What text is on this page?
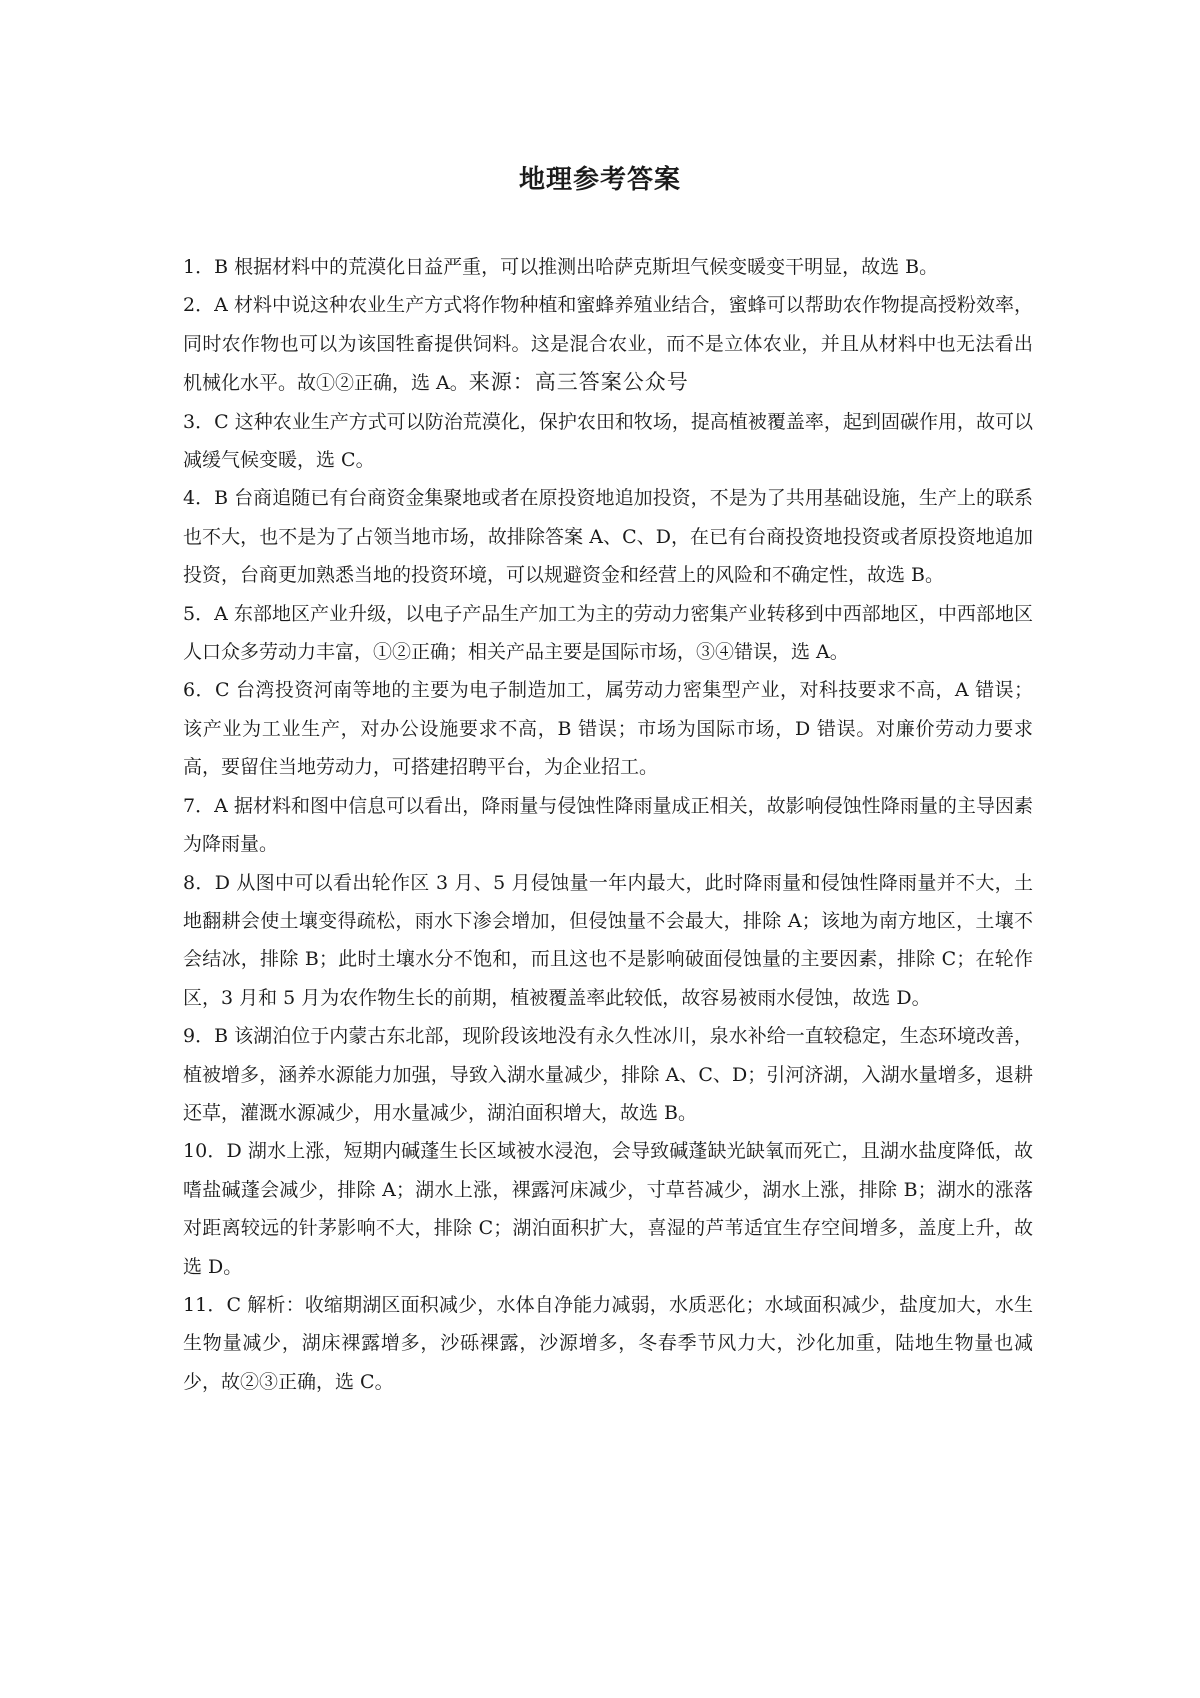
地理参考答案

1．B 根据材料中的荒漠化日益严重，可以推测出哈萨克斯坦气候变暖变干明显，故选 B。

2．A 材料中说这种农业生产方式将作物种植和蜜蜂养殖业结合，蜜蜂可以帮助农作物提高授粉效率，同时农作物也可以为该国牲畜提供饲料。这是混合农业，而不是立体农业，并且从材料中也无法看出机械化水平。故①②正确，选 A。来源：高三答案公众号

3．C 这种农业生产方式可以防治荒漠化，保护农田和牧场，提高植被覆盖率，起到固碳作用，故可以减缓气候变暖，选 C。

4．B 台商追随已有台商资金集聚地或者在原投资地追加投资，不是为了共用基础设施，生产上的联系也不大，也不是为了占领当地市场，故排除答案 A、C、D，在已有台商投资地投资或者原投资地追加投资，台商更加熟悉当地的投资环境，可以规避资金和经营上的风险和不确定性，故选 B。

5．A 东部地区产业升级，以电子产品生产加工为主的劳动力密集产业转移到中西部地区，中西部地区人口众多劳动力丰富，①②正确；相关产品主要是国际市场，③④错误，选 A。

6．C 台湾投资河南等地的主要为电子制造加工，属劳动力密集型产业，对科技要求不高，A 错误；该产业为工业生产，对办公设施要求不高，B 错误；市场为国际市场，D 错误。对廉价劳动力要求高，要留住当地劳动力，可搭建招聘平台，为企业招工。

7．A 据材料和图中信息可以看出，降雨量与侵蚀性降雨量成正相关，故影响侵蚀性降雨量的主导因素为降雨量。

8．D 从图中可以看出轮作区 3 月、5 月侵蚀量一年内最大，此时降雨量和侵蚀性降雨量并不大，土地翻耕会使土壤变得疏松，雨水下渗会增加，但侵蚀量不会最大，排除 A；该地为南方地区，土壤不会结冰，排除 B；此时土壤水分不饱和，而且这也不是影响破面侵蚀量的主要因素，排除 C；在轮作区，3 月和 5 月为农作物生长的前期，植被覆盖率此较低，故容易被雨水侵蚀，故选 D。

9．B 该湖泊位于内蒙古东北部，现阶段该地没有永久性冰川，泉水补给一直较稳定，生态环境改善，植被增多，涵养水源能力加强，导致入湖水量减少，排除 A、C、D；引河济湖，入湖水量增多，退耕还草，灌溉水源减少，用水量减少，湖泊面积增大，故选 B。

10．D 湖水上涨，短期内碱蓬生长区域被水浸泡，会导致碱蓬缺光缺氧而死亡，且湖水盐度降低，故嗜盐碱蓬会减少，排除 A；湖水上涨，裸露河床减少，寸草苔减少，湖水上涨，排除 B；湖水的涨落对距离较远的针茅影响不大，排除 C；湖泊面积扩大，喜湿的芦苇适宜生存空间增多，盖度上升，故选 D。

11．C 解析：收缩期湖区面积减少，水体自净能力减弱，水质恶化；水域面积减少，盐度加大，水生生物量减少，湖床裸露增多，沙砾裸露，沙源增多，冬春季节风力大，沙化加重，陆地生物量也减少，故②③正确，选 C。
